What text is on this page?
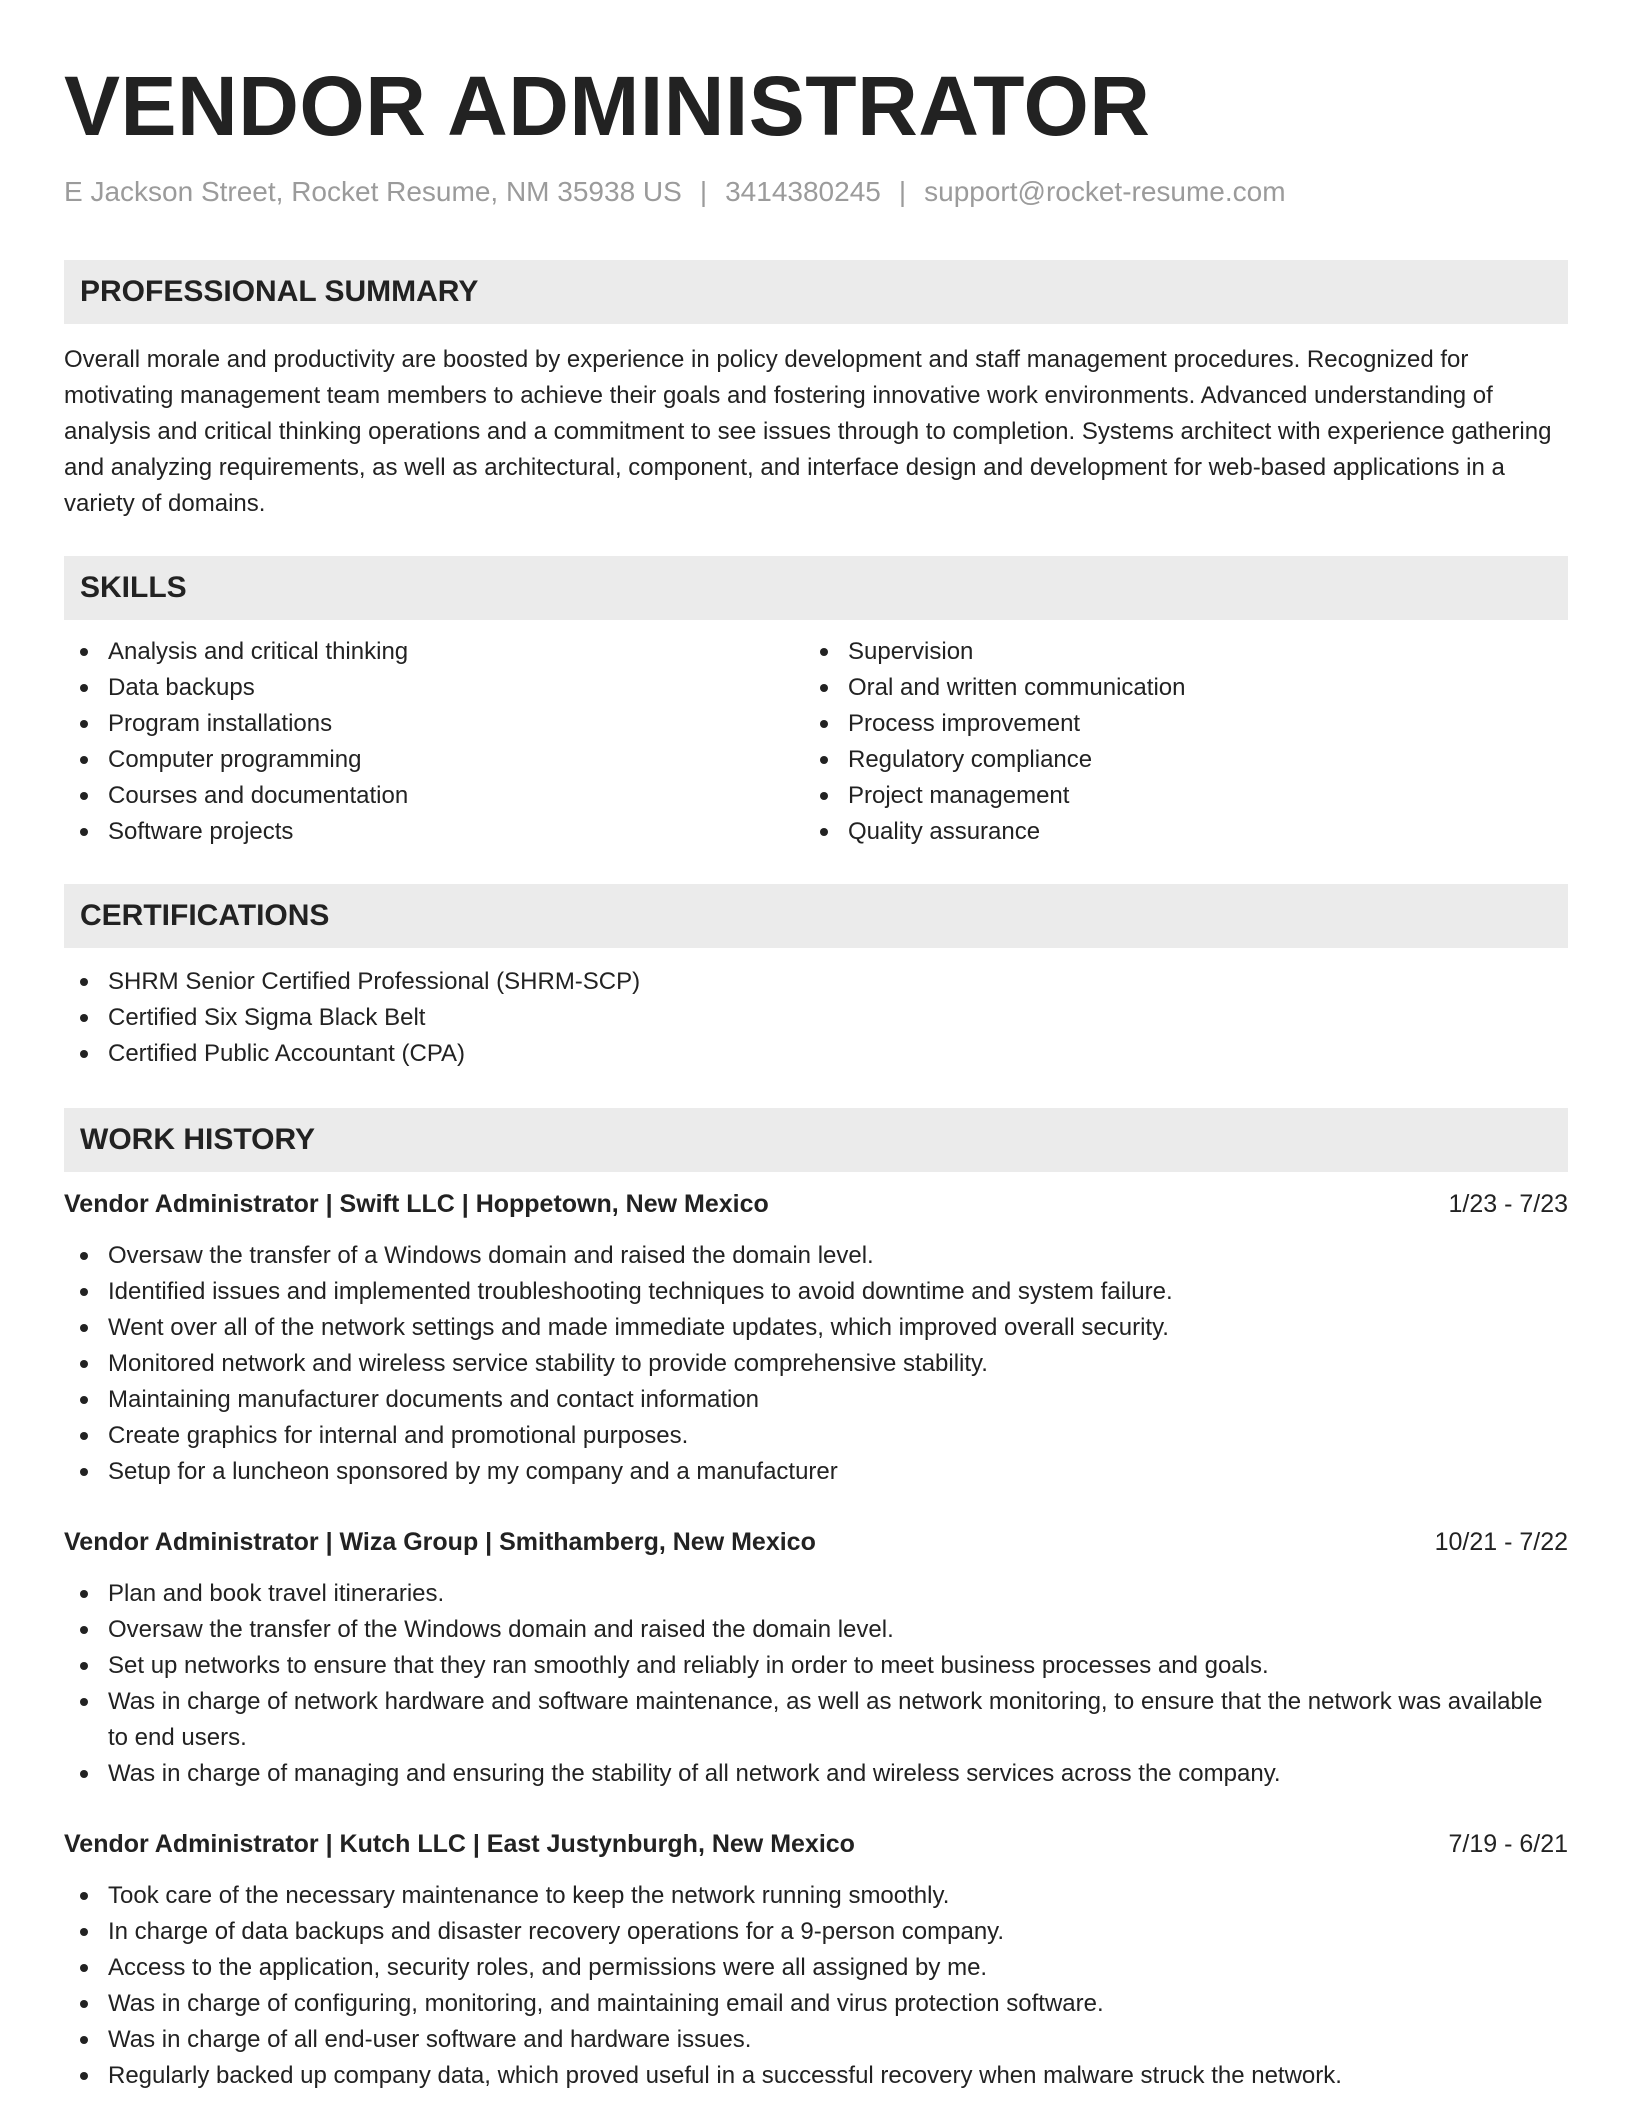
VENDOR ADMINISTRATOR
E Jackson Street, Rocket Resume, NM 35938 US | 3414380245 | support@rocket-resume.com
PROFESSIONAL SUMMARY

Overall morale and productivity are boosted by experience in policy development and staff management procedures. Recognized for motivating management team members to achieve their goals and fostering innovative work environments. Advanced understanding of analysis and critical thinking operations and a commitment to see issues through to completion. Systems architect with experience gathering and analyzing requirements, as well as architectural, component, and interface design and development for web-based applications in a variety of domains.

SKILLS
Analysis and critical thinking
Data backups
Program installations
Computer programming
Courses and documentation
Software projects
Supervision
Oral and written communication
Process improvement
Regulatory compliance
Project management
Quality assurance
CERTIFICATIONS
SHRM Senior Certified Professional (SHRM-SCP)
Certified Six Sigma Black Belt
Certified Public Accountant (CPA)
WORK HISTORY
Vendor Administrator | Swift LLC | Hoppetown, New Mexico	1/23 - 7/23
Oversaw the transfer of a Windows domain and raised the domain level.
Identified issues and implemented troubleshooting techniques to avoid downtime and system failure.
Went over all of the network settings and made immediate updates, which improved overall security.
Monitored network and wireless service stability to provide comprehensive stability.
Maintaining manufacturer documents and contact information
Create graphics for internal and promotional purposes.
Setup for a luncheon sponsored by my company and a manufacturer
Vendor Administrator | Wiza Group | Smithamberg, New Mexico	10/21 - 7/22
Plan and book travel itineraries.
Oversaw the transfer of the Windows domain and raised the domain level.
Set up networks to ensure that they ran smoothly and reliably in order to meet business processes and goals.
Was in charge of network hardware and software maintenance, as well as network monitoring, to ensure that the network was available to end users.
Was in charge of managing and ensuring the stability of all network and wireless services across the company.
Vendor Administrator | Kutch LLC | East Justynburgh, New Mexico	7/19 - 6/21
Took care of the necessary maintenance to keep the network running smoothly.
In charge of data backups and disaster recovery operations for a 9-person company.
Access to the application, security roles, and permissions were all assigned by me.
Was in charge of configuring, monitoring, and maintaining email and virus protection software.
Was in charge of all end-user software and hardware issues.
Regularly backed up company data, which proved useful in a successful recovery when malware struck the network.
